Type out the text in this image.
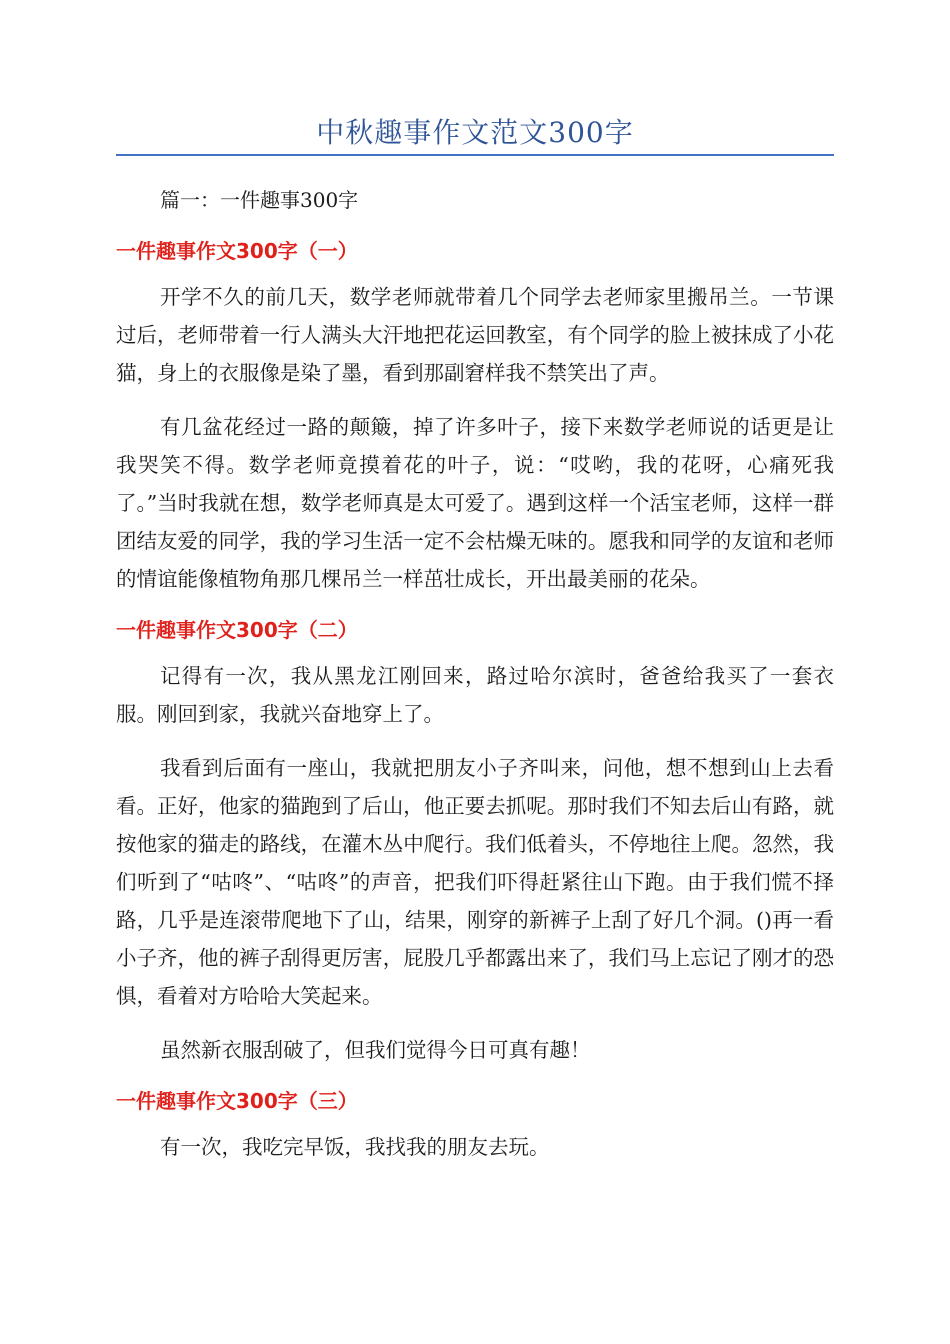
中秋趣事作文范文300字

篇一：一件趣事300字

一件趣事作文300字（一）

开学不久的前几天，数学老师就带着几个同学去老师家里搬吊兰。一节课过后，老师带着一行人满头大汗地把花运回教室，有个同学的脸上被抹成了小花猫，身上的衣服像是染了墨，看到那副窘样我不禁笑出了声。

有几盆花经过一路的颠簸，掉了许多叶子，接下来数学老师说的话更是让我哭笑不得。数学老师竟摸着花的叶子，说：“哎哟，我的花呀，心痛死我了。”当时我就在想，数学老师真是太可爱了。遇到这样一个活宝老师，这样一群团结友爱的同学，我的学习生活一定不会枯燥无味的。愿我和同学的友谊和老师的情谊能像植物角那几棵吊兰一样茁壮成长，开出最美丽的花朵。

一件趣事作文300字（二）

记得有一次，我从黑龙江刚回来，路过哈尔滨时，爸爸给我买了一套衣服。刚回到家，我就兴奋地穿上了。

我看到后面有一座山，我就把朋友小子齐叫来，问他，想不想到山上去看看。正好，他家的猫跑到了后山，他正要去抓呢。那时我们不知去后山有路，就按他家的猫走的路线，在灌木丛中爬行。我们低着头，不停地往上爬。忽然，我们听到了“咕咚”、“咕咚”的声音，把我们吓得赶紧往山下跑。由于我们慌不择路，几乎是连滚带爬地下了山，结果，刚穿的新裤子上刮了好几个洞。()再一看小子齐，他的裤子刮得更厉害，屁股几乎都露出来了，我们马上忘记了刚才的恐惧，看着对方哈哈大笑起来。

虽然新衣服刮破了，但我们觉得今日可真有趣！

一件趣事作文300字（三）

有一次，我吃完早饭，我找我的朋友去玩。
